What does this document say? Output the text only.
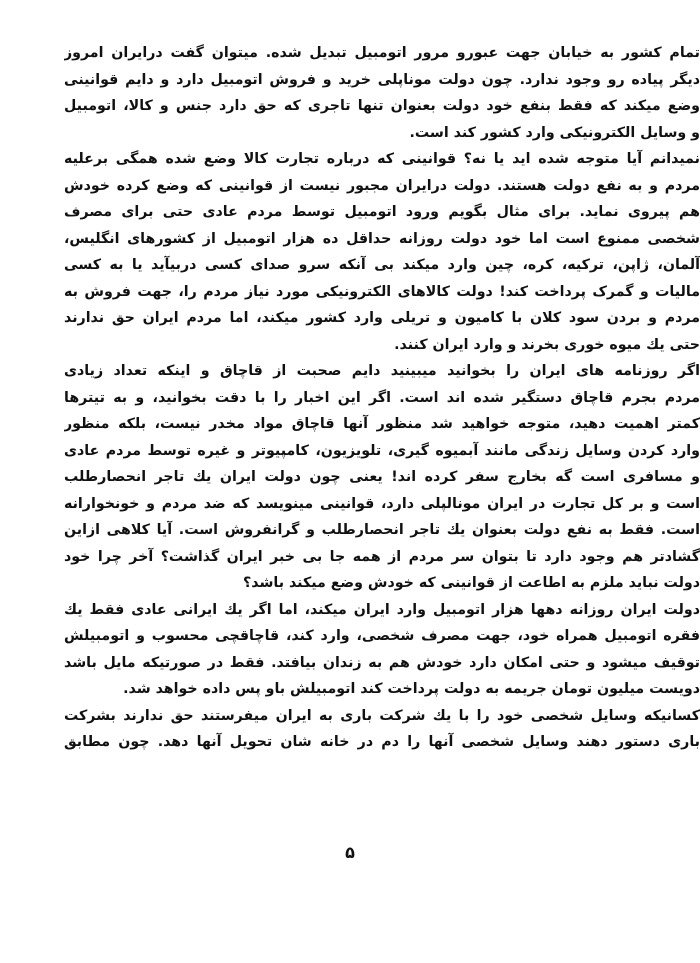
تمام کشور به خیابان جهت عبورو مرور اتومبیل تبدیل شده. میتوان گفت درایران امروز
دیگر پیاده رو وجود ندارد. چون دولت موناپلی خرید و فروش اتومبیل دارد و دایم قوانینی
وضع میکند که فقط بنفع خود دولت بعنوان تنها تاجری که حق دارد جنس و کالا، اتومبیل
و وسایل الکترونیکی وارد کشور کند است.
نمیدانم آیا متوجه شده اید یا نه؟ قوانینی که درباره تجارت کالا وضع شده همگی برعلیه
مردم و به نفع دولت هستند. دولت درایران مجبور نیست از قوانینی که وضع کرده خودش
هم پیروی نماید. برای مثال بگویم ورود اتومبیل توسط مردم عادی حتی برای مصرف
شخصی ممنوع است اما خود دولت روزانه حداقل ده هزار اتومبیل از کشورهای انگلیس،
آلمان، ژاپن، ترکیه، کره، چین وارد میکند بی آنکه سرو صدای کسی دربیآید یا به کسی
مالیات و گمرک پرداخت کند! دولت کالاهای الکترونیکی مورد نیاز مردم را، جهت فروش به
مردم و بردن سود کلان با کامیون و تریلی وارد کشور میکند، اما مردم ایران حق ندارند
حتی یك میوه خوری بخرند و وارد ایران کنند.
اگر روزنامه های ایران را بخوانید میبینید دایم صحبت از قاچاق و اینکه تعداد زیادی
مردم بجرم قاچاق دستگیر شده اند است. اگر این اخبار را با دقت بخوانید، و به تیترها
کمتر اهمیت دهید، متوجه خواهید شد منظور آنها قاچاق مواد مخدر نیست، بلکه منظور
وارد کردن وسایل زندگی مانند آبمیوه گیری، تلویزیون، کامپیوتر و غیره توسط مردم عادی
و مسافری است گه بخارج سفر کرده اند! یعنی چون دولت ایران یك تاجر انحصارطلب
است و بر کل تجارت در ایران مونالپلی دارد، قوانینی مینویسد که ضد مردم و خونخوارانه
است. فقط به نفع دولت بعنوان یك تاجر انحصارطلب و گرانفروش است. آیا کلاهی ازاین
گشادتر هم وجود دارد تا بتوان سر مردم از همه جا بی خبر ایران گذاشت؟ آخر چرا خود
دولت نباید ملزم به اطاعت از قوانینی که خودش وضع میکند باشد؟
دولت ایران روزانه دهها هزار اتومبیل وارد ایران میکند، اما اگر یك ایرانی عادی فقط یك
فقره اتومبیل همراه خود، جهت مصرف شخصی، وارد کند، قاچاقچی محسوب و اتومبیلش
توقیف میشود و حتی امکان دارد خودش هم به زندان بیافتد. فقط در صورتیکه مایل باشد
دویست میلیون تومان جریمه به دولت پرداخت کند اتومبیلش باو پس داده خواهد شد.
کسانیکه وسایل شخصی خود را با یك شرکت باری به ایران میفرستند حق ندارند بشرکت
باری دستور دهند وسایل شخصی آنها را دم در خانه شان تحویل آنها دهد. چون مطابق
۵
